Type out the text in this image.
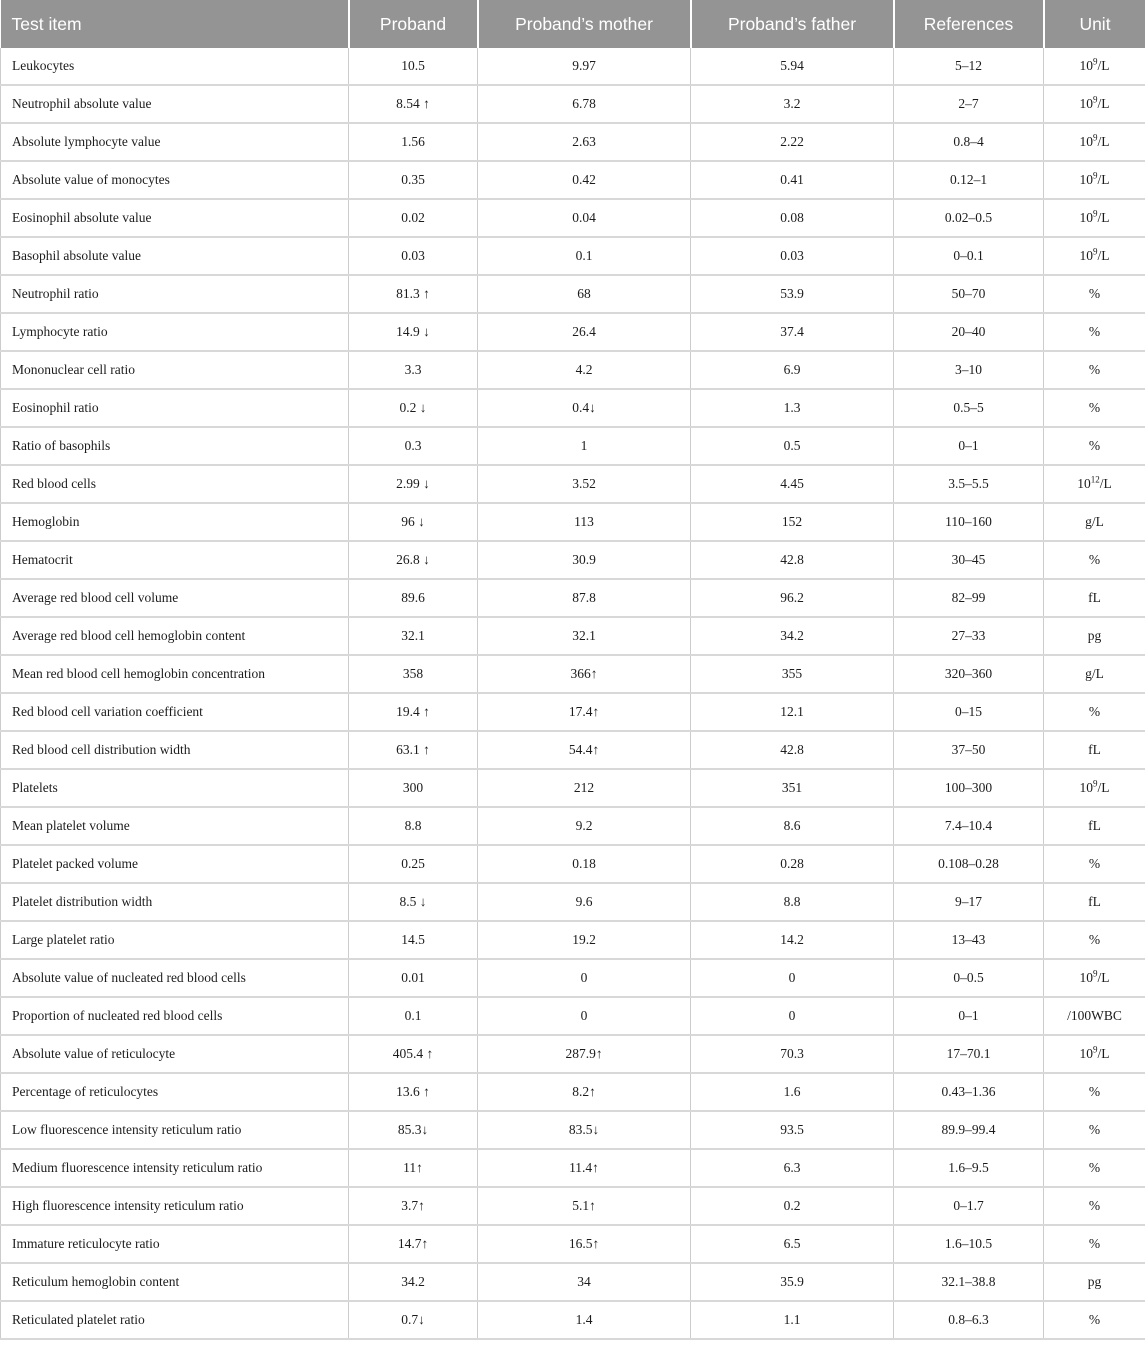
Test item	Proband	Proband’s mother	Proband’s father	References	Unit
Leukocytes	10.5	9.97	5.94	5–12	$10^9/L$
Neutrophil absolute value	8.54 ↑	6.78	3.2	2–7	$10^9/L$
Absolute lymphocyte value	1.56	2.63	2.22	0.8–4	$10^9/L$
Absolute value of monocytes	0.35	0.42	0.41	0.12–1	$10^9/L$
Eosinophil absolute value	0.02	0.04	0.08	0.02–0.5	$10^9/L$
Basophil absolute value	0.03	0.1	0.03	0–0.1	$10^9/L$
Neutrophil ratio	81.3 ↑	68	53.9	50–70	%
Lymphocyte ratio	14.9 ↓	26.4	37.4	20–40	%
Mononuclear cell ratio	3.3	4.2	6.9	3–10	%
Eosinophil ratio	0.2 ↓	0.4↓	1.3	0.5–5	%
Ratio of basophils	0.3	1	0.5	0–1	%
Red blood cells	2.99 ↓	3.52	4.45	3.5–5.5	$10^{12}/L$
Hemoglobin	96 ↓	113	152	110–160	g/L
Hematocrit	26.8 ↓	30.9	42.8	30–45	%
Average red blood cell volume	89.6	87.8	96.2	82–99	fL
Average red blood cell hemoglobin content	32.1	32.1	34.2	27–33	pg
Mean red blood cell hemoglobin concentration	358	366↑	355	320–360	g/L
Red blood cell variation coefficient	19.4 ↑	17.4↑	12.1	0–15	%
Red blood cell distribution width	63.1 ↑	54.4↑	42.8	37–50	fL
Platelets	300	212	351	100–300	$10^9/L$
Mean platelet volume	8.8	9.2	8.6	7.4–10.4	fL
Platelet packed volume	0.25	0.18	0.28	0.108–0.28	%
Platelet distribution width	8.5 ↓	9.6	8.8	9–17	fL
Large platelet ratio	14.5	19.2	14.2	13–43	%
Absolute value of nucleated red blood cells	0.01	0	0	0–0.5	$10^9/L$
Proportion of nucleated red blood cells	0.1	0	0	0–1	/100WBC
Absolute value of reticulocyte	405.4 ↑	287.9↑	70.3	17–70.1	$10^9/L$
Percentage of reticulocytes	13.6 ↑	8.2↑	1.6	0.43–1.36	%
Low fluorescence intensity reticulum ratio	85.3↓	83.5↓	93.5	89.9–99.4	%
Medium fluorescence intensity reticulum ratio	11↑	11.4↑	6.3	1.6–9.5	%
High fluorescence intensity reticulum ratio	3.7↑	5.1↑	0.2	0–1.7	%
Immature reticulocyte ratio	14.7↑	16.5↑	6.5	1.6–10.5	%
Reticulum hemoglobin content	34.2	34	35.9	32.1–38.8	pg
Reticulated platelet ratio	0.7↓	1.4	1.1	0.8–6.3	%
